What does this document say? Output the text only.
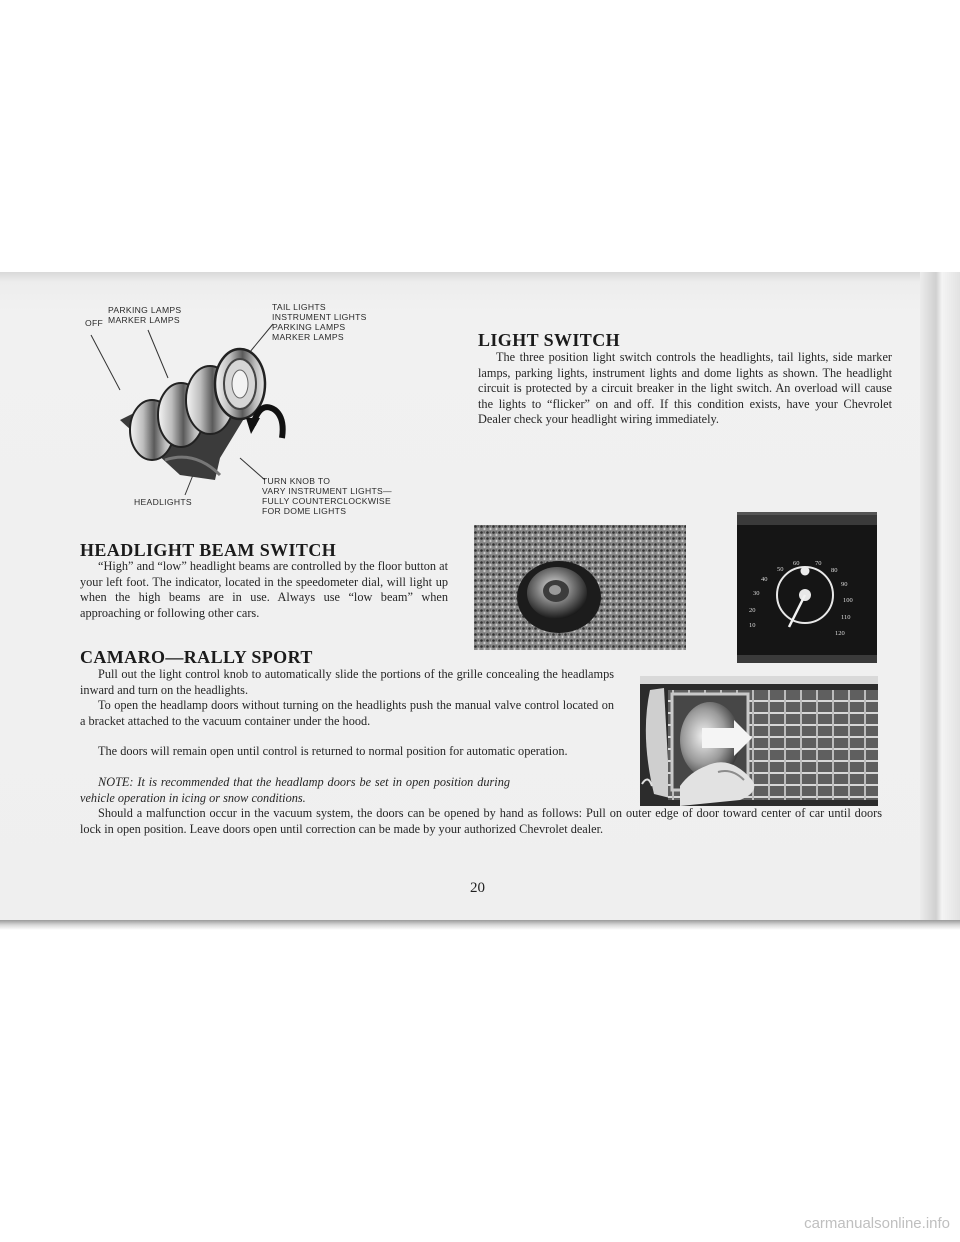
OFF
PARKING LAMPS
MARKER LAMPS
TAIL LIGHTS
INSTRUMENT LIGHTS
PARKING LAMPS
MARKER LAMPS
HEADLIGHTS
TURN KNOB TO
VARY INSTRUMENT LIGHTS—
FULLY COUNTERCLOCKWISE
FOR DOME LIGHTS
LIGHT SWITCH

The three position light switch controls the headlights, tail lights, side marker lamps, parking lights, instrument lights and dome lights as shown. The headlight circuit is protected by a circuit breaker in the light switch. An overload will cause the lights to “flicker” on and off. If this condition exists, have your Chevrolet Dealer check your headlight wiring immediately.

HEADLIGHT BEAM SWITCH

“High” and “low” headlight beams are controlled by the floor button at your left foot. The indicator, located in the speedometer dial, will light up when the high beams are in use. Always use “low beam” when approaching or following other cars.

10
20
30
40
50
60 70
80
90
100
110
120
CAMARO—RALLY SPORT

Pull out the light control knob to automatically slide the portions of the grille concealing the headlamps inward and turn on the headlights.

To open the headlamp doors without turning on the headlights push the manual valve control located on a bracket attached to the vacuum container under the hood.

The doors will remain open until control is returned to normal position for automatic operation.

NOTE: It is recommended that the headlamp doors be set in open position during vehicle operation in icing or snow conditions.

Should a malfunction occur in the vacuum system, the doors can be opened by hand as follows: Pull on outer edge of door toward center of car until doors lock in open position. Leave doors open until correction can be made by your authorized Chevrolet dealer.

20
carmanualsonline.info
